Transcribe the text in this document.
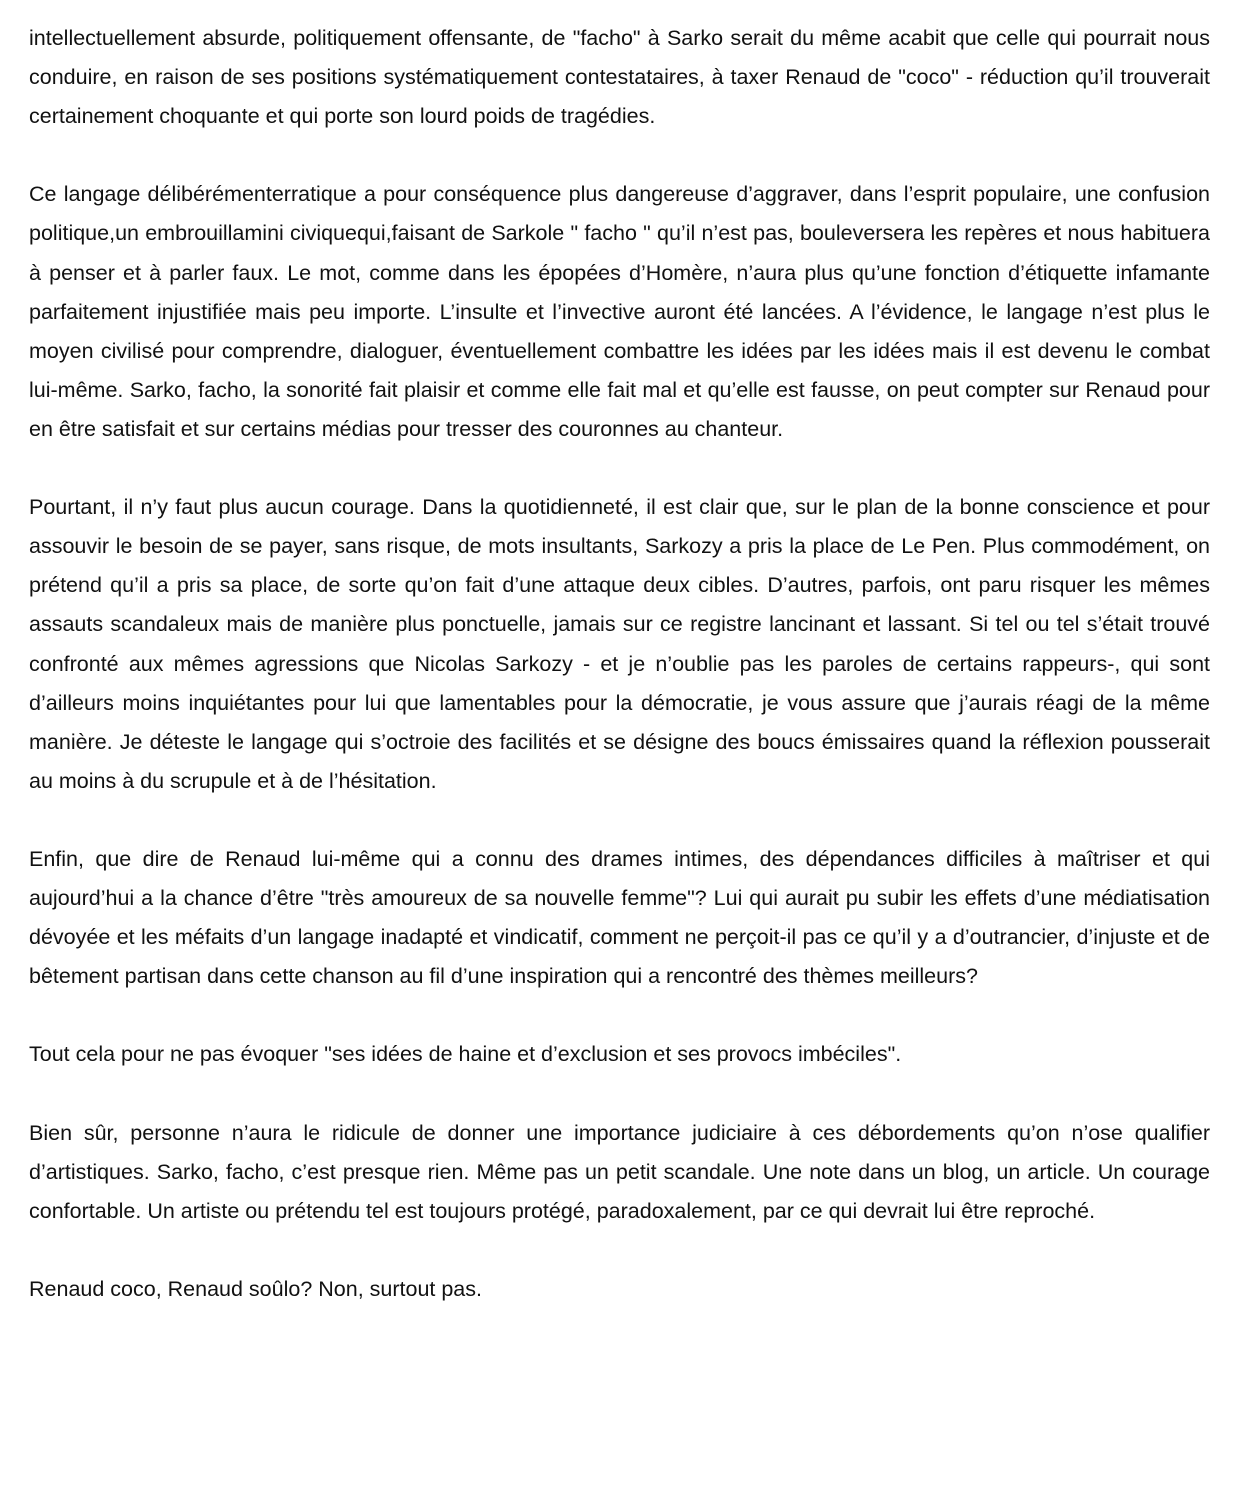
intellectuellement absurde, politiquement offensante, de "facho" à Sarko serait du même acabit que celle qui pourrait nous conduire, en raison de ses positions systématiquement contestataires, à taxer Renaud de "coco" - réduction qu’il trouverait certainement choquante et qui porte son lourd poids de tragédies.

Ce langage délibérémenterratique a pour conséquence plus dangereuse d’aggraver, dans l’esprit populaire, une confusion politique,un embrouillamini civiquequi,faisant de Sarkole " facho " qu’il n’est pas, bouleversera les repères et nous habituera à penser et à parler faux. Le mot, comme dans les épopées d’Homère, n’aura plus qu’une fonction d’étiquette infamante parfaitement injustifiée mais peu importe. L’insulte et l’invective auront été lancées. A l’évidence, le langage n’est plus le moyen civilisé pour comprendre, dialoguer, éventuellement combattre les idées par les idées mais il est devenu le combat lui-même. Sarko, facho, la sonorité fait plaisir et comme elle fait mal et qu’elle est fausse, on peut compter sur Renaud pour en être satisfait et sur certains médias pour tresser des couronnes au chanteur.

Pourtant, il n’y faut plus aucun courage. Dans la quotidienneté, il est clair que, sur le plan de la bonne conscience et pour assouvir le besoin de se payer, sans risque, de mots insultants, Sarkozy a pris la place de Le Pen. Plus commodément, on prétend qu’il a pris sa place, de sorte qu’on fait d’une attaque deux cibles. D’autres, parfois, ont paru risquer les mêmes assauts scandaleux mais de manière plus ponctuelle, jamais sur ce registre lancinant et lassant. Si tel ou tel s’était trouvé confronté aux mêmes agressions que Nicolas Sarkozy - et je n’oublie pas les paroles de certains rappeurs-, qui sont d’ailleurs moins inquiétantes pour lui que lamentables pour la démocratie, je vous assure que j’aurais réagi de la même manière. Je déteste le langage qui s’octroie des facilités et se désigne des boucs émissaires quand la réflexion pousserait au moins à du scrupule et à de l’hésitation.

Enfin, que dire de Renaud lui-même qui a connu des drames intimes, des dépendances difficiles à maîtriser et qui aujourd’hui a la chance d’être "très amoureux de sa nouvelle femme"? Lui qui aurait pu subir les effets d’une médiatisation dévoyée et les méfaits d’un langage inadapté et vindicatif, comment ne perçoit-il pas ce qu’il y a d’outrancier, d’injuste et de bêtement partisan dans cette chanson au fil d’une inspiration qui a rencontré des thèmes meilleurs?

Tout cela pour ne pas évoquer "ses idées de haine et d’exclusion et ses provocs imbéciles".

Bien sûr, personne n’aura le ridicule de donner une importance judiciaire à ces débordements qu’on n’ose qualifier d’artistiques. Sarko, facho, c’est presque rien. Même pas un petit scandale. Une note dans un blog, un article. Un courage confortable. Un artiste ou prétendu tel est toujours protégé, paradoxalement, par ce qui devrait lui être reproché.

Renaud coco, Renaud soûlo? Non, surtout pas.
